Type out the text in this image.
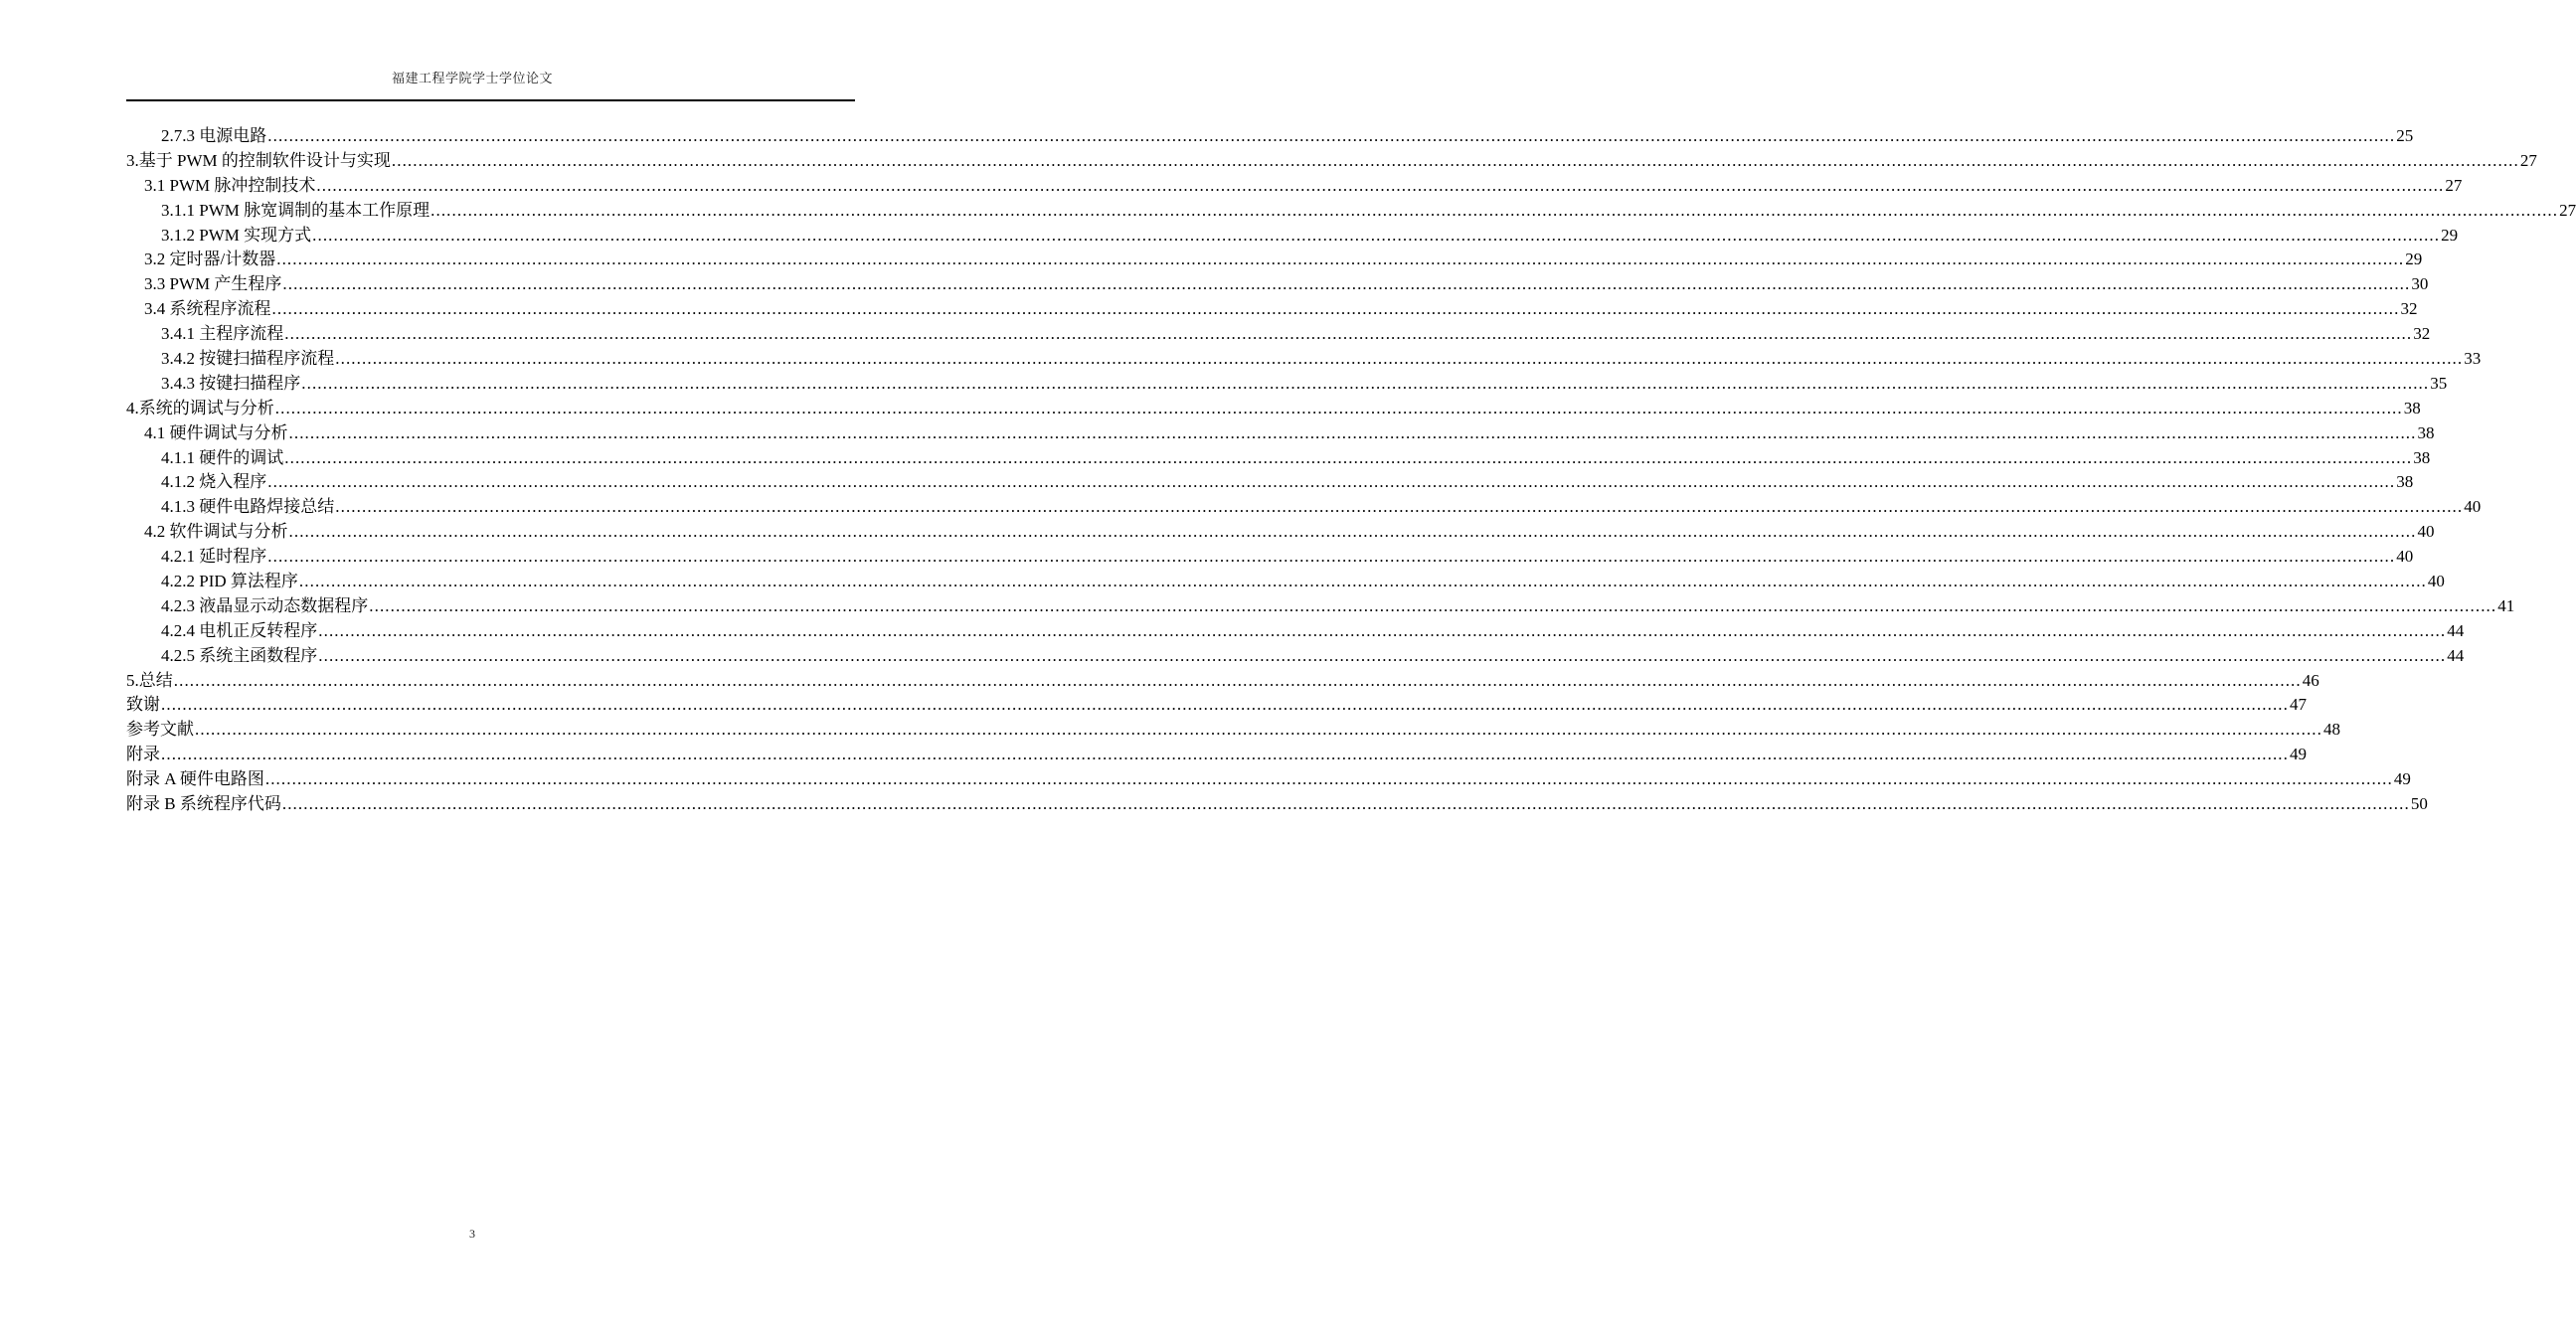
福建工程学院学士学位论文
2.7.3 电源电路 ................................................................................................................................................................................................................................................................................................................................................................................................................ 25
3.基于 PWM 的控制软件设计与实现 ................................................................................................................................................................................................................................................................................................................................................................................................................ 27
3.1 PWM 脉冲控制技术 ................................................................................................................................................................................................................................................................................................................................................................................................................ 27
3.1.1 PWM 脉宽调制的基本工作原理 ................................................................................................................................................................................................................................................................................................................................................................................................................ 27
3.1.2 PWM 实现方式 ................................................................................................................................................................................................................................................................................................................................................................................................................ 29
3.2 定时器/计数器 ................................................................................................................................................................................................................................................................................................................................................................................................................ 29
3.3 PWM 产生程序 ................................................................................................................................................................................................................................................................................................................................................................................................................ 30
3.4 系统程序流程 ................................................................................................................................................................................................................................................................................................................................................................................................................ 32
3.4.1 主程序流程 ................................................................................................................................................................................................................................................................................................................................................................................................................ 32
3.4.2 按键扫描程序流程 ................................................................................................................................................................................................................................................................................................................................................................................................................ 33
3.4.3 按键扫描程序 ................................................................................................................................................................................................................................................................................................................................................................................................................ 35
4.系统的调试与分析 ................................................................................................................................................................................................................................................................................................................................................................................................................ 38
4.1 硬件调试与分析 ................................................................................................................................................................................................................................................................................................................................................................................................................ 38
4.1.1 硬件的调试 ................................................................................................................................................................................................................................................................................................................................................................................................................ 38
4.1.2 烧入程序 ................................................................................................................................................................................................................................................................................................................................................................................................................ 38
4.1.3 硬件电路焊接总结 ................................................................................................................................................................................................................................................................................................................................................................................................................ 40
4.2 软件调试与分析 ................................................................................................................................................................................................................................................................................................................................................................................................................ 40
4.2.1 延时程序 ................................................................................................................................................................................................................................................................................................................................................................................................................ 40
4.2.2 PID 算法程序 ................................................................................................................................................................................................................................................................................................................................................................................................................ 40
4.2.3 液晶显示动态数据程序 ................................................................................................................................................................................................................................................................................................................................................................................................................ 41
4.2.4 电机正反转程序 ................................................................................................................................................................................................................................................................................................................................................................................................................ 44
4.2.5 系统主函数程序 ................................................................................................................................................................................................................................................................................................................................................................................................................ 44
5.总结 ................................................................................................................................................................................................................................................................................................................................................................................................................ 46
致谢 ................................................................................................................................................................................................................................................................................................................................................................................................................ 47
参考文献 ................................................................................................................................................................................................................................................................................................................................................................................................................ 48
附录 ................................................................................................................................................................................................................................................................................................................................................................................................................ 49
附录 A 硬件电路图 ................................................................................................................................................................................................................................................................................................................................................................................................................ 49
附录 B 系统程序代码 ................................................................................................................................................................................................................................................................................................................................................................................................................ 50
3
